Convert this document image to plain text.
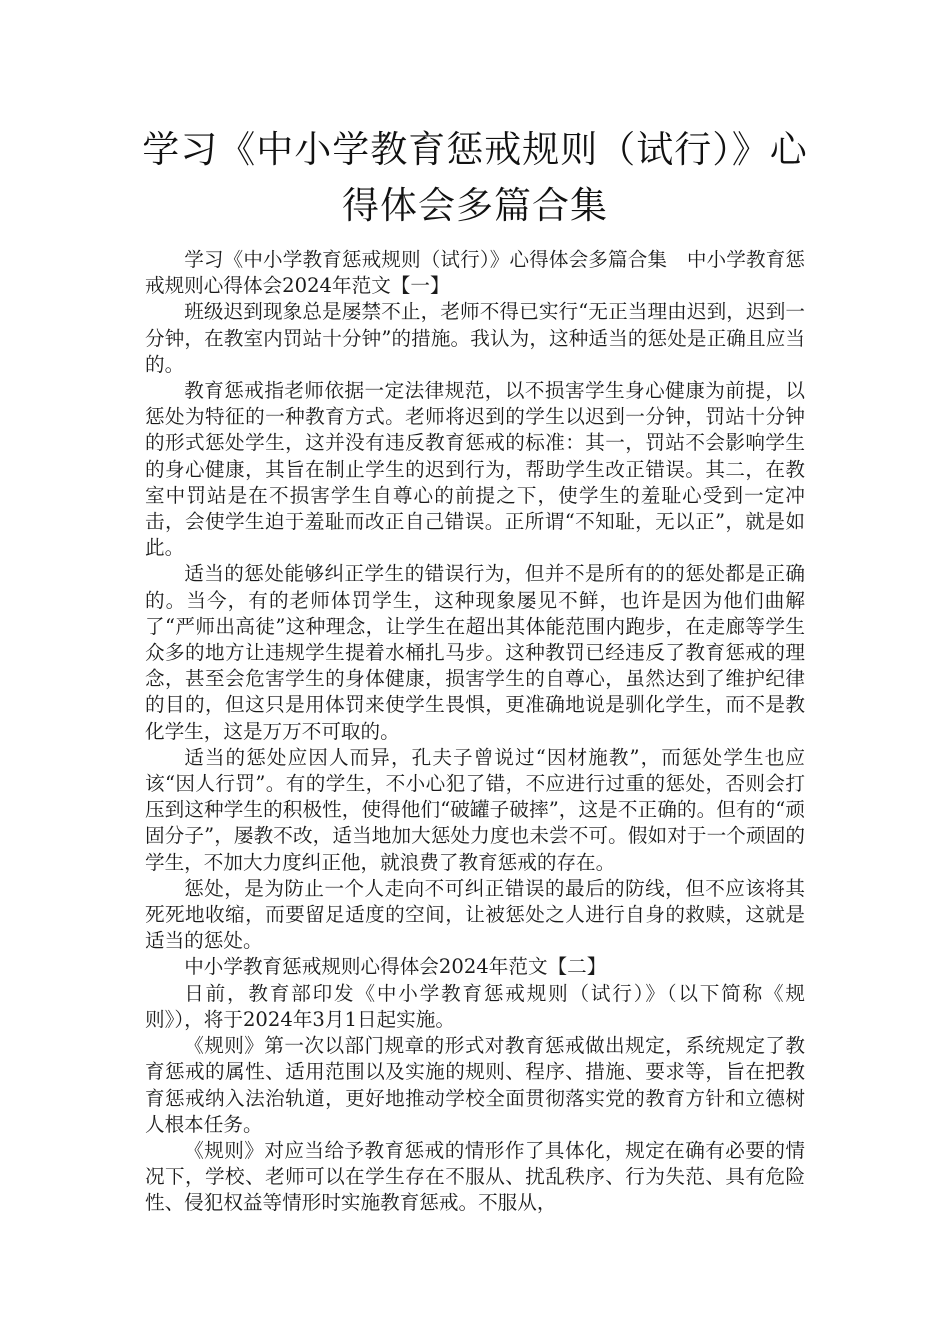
学习《中小学教育惩戒规则（试行）》心
得体会多篇合集

学习《中小学教育惩戒规则（试行）》心得体会多篇合集　中小学教育惩戒规则心得体会2024年范文【一】

班级迟到现象总是屡禁不止，老师不得已实行“无正当理由迟到，迟到一分钟，在教室内罚站十分钟”的措施。我认为，这种适当的惩处是正确且应当的。

教育惩戒指老师依据一定法律规范，以不损害学生身心健康为前提，以惩处为特征的一种教育方式。老师将迟到的学生以迟到一分钟，罚站十分钟的形式惩处学生，这并没有违反教育惩戒的标准：其一，罚站不会影响学生的身心健康，其旨在制止学生的迟到行为，帮助学生改正错误。其二，在教室中罚站是在不损害学生自尊心的前提之下，使学生的羞耻心受到一定冲击，会使学生迫于羞耻而改正自己错误。正所谓“不知耻，无以正”，就是如此。

适当的惩处能够纠正学生的错误行为，但并不是所有的的惩处都是正确的。当今，有的老师体罚学生，这种现象屡见不鲜，也许是因为他们曲解了“严师出高徒”这种理念，让学生在超出其体能范围内跑步，在走廊等学生众多的地方让违规学生提着水桶扎马步。这种教罚已经违反了教育惩戒的理念，甚至会危害学生的身体健康，损害学生的自尊心，虽然达到了维护纪律的目的，但这只是用体罚来使学生畏惧，更准确地说是驯化学生，而不是教化学生，这是万万不可取的。

适当的惩处应因人而异，孔夫子曾说过“因材施教”，而惩处学生也应该“因人行罚”。有的学生，不小心犯了错，不应进行过重的惩处，否则会打压到这种学生的积极性，使得他们“破罐子破摔”，这是不正确的。但有的“顽固分子”，屡教不改，适当地加大惩处力度也未尝不可。假如对于一个顽固的学生，不加大力度纠正他，就浪费了教育惩戒的存在。

惩处，是为防止一个人走向不可纠正错误的最后的防线，但不应该将其死死地收缩，而要留足适度的空间，让被惩处之人进行自身的救赎，这就是适当的惩处。

中小学教育惩戒规则心得体会2024年范文【二】

日前，教育部印发《中小学教育惩戒规则（试行）》（以下简称《规则》），将于2024年3月1日起实施。

《规则》第一次以部门规章的形式对教育惩戒做出规定，系统规定了教育惩戒的属性、适用范围以及实施的规则、程序、措施、要求等，旨在把教育惩戒纳入法治轨道，更好地推动学校全面贯彻落实党的教育方针和立德树人根本任务。

《规则》对应当给予教育惩戒的情形作了具体化，规定在确有必要的情况下，学校、老师可以在学生存在不服从、扰乱秩序、行为失范、具有危险性、侵犯权益等情形时实施教育惩戒。不服从，
